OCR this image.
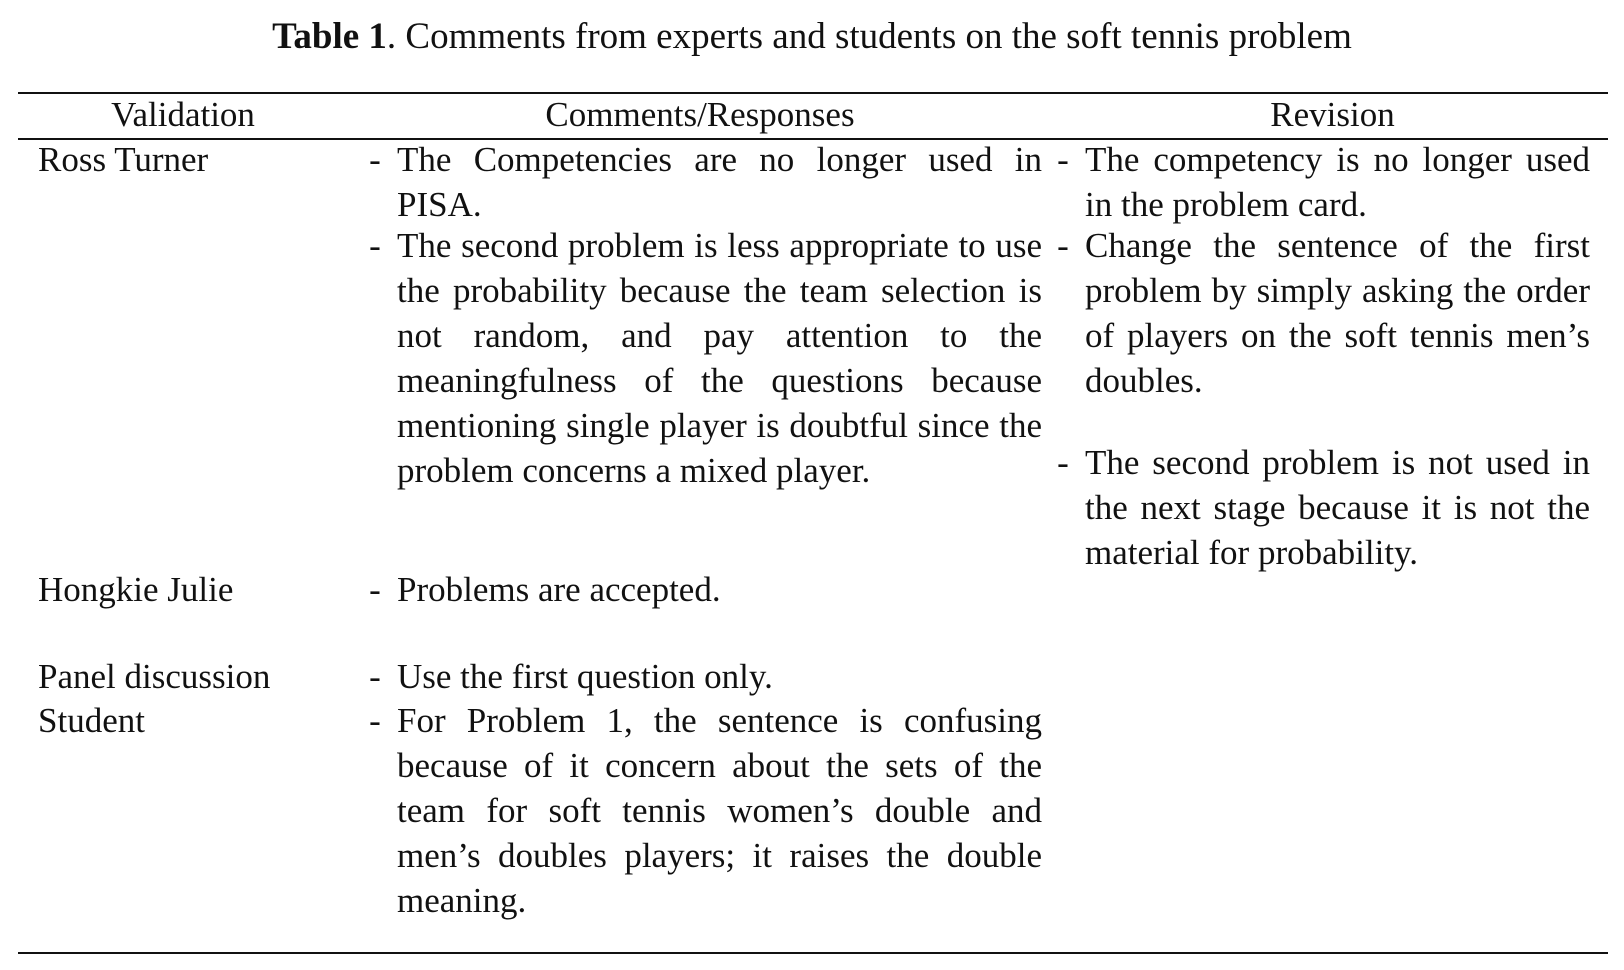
Table 1. Comments from experts and students on the soft tennis problem
Validation	Comments/Responses	Revision
Ross Turner
Hongkie Julie
Panel discussion
Student
- The Competencies are no longer used in PISA.
- The second problem is less appropriate to use the probability because the team selection is not random, and pay attention to the meaningfulness of the questions because mentioning single player is doubtful since the problem concerns a mixed player.
- Problems are accepted.
- Use the first question only.
- For Problem 1, the sentence is confusing because of it concern about the sets of the team for soft tennis women’s double and men’s doubles players; it raises the double meaning.
- The competency is no longer used in the problem card.
- Change the sentence of the first problem by simply asking the order of players on the soft tennis men’s doubles.
- The second problem is not used in the next stage because it is not the material for probability.
